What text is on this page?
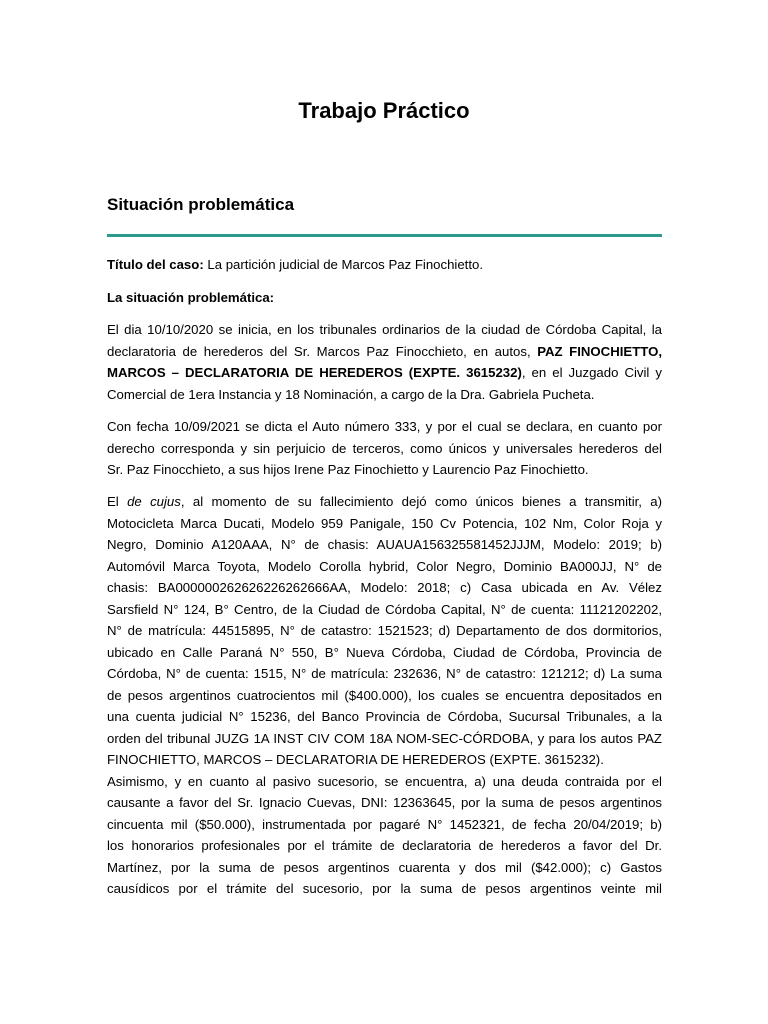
Trabajo Práctico
Situación problemática
Título del caso: La partición judicial de Marcos Paz Finochietto.
La situación problemática:
El dia 10/10/2020 se inicia, en los tribunales ordinarios de la ciudad de Córdoba Capital, la
declaratoria de herederos del Sr. Marcos Paz Finocchieto, en autos, PAZ FINOCHIETTO,
MARCOS – DECLARATORIA DE HEREDEROS (EXPTE. 3615232), en el Juzgado Civil y
Comercial de 1era Instancia y 18 Nominación, a cargo de la Dra. Gabriela Pucheta.
Con fecha 10/09/2021 se dicta el Auto número 333, y por el cual se declara, en cuanto por
derecho corresponda y sin perjuicio de terceros, como únicos y universales herederos del
Sr. Paz Finocchieto, a sus hijos Irene Paz Finochietto y Laurencio Paz Finochietto.
El de cujus, al momento de su fallecimiento dejó como únicos bienes a transmitir, a)
Motocicleta Marca Ducati, Modelo 959 Panigale, 150 Cv Potencia, 102 Nm, Color Roja y
Negro, Dominio A120AAA, N° de chasis: AUAUA156325581452JJJM, Modelo: 2019; b)
Automóvil Marca Toyota, Modelo Corolla hybrid, Color Negro, Dominio BA000JJ, N° de
chasis: BA000000262626226262666AA, Modelo: 2018; c) Casa ubicada en Av. Vélez
Sarsfield N° 124, B° Centro, de la Ciudad de Córdoba Capital, N° de cuenta: 11121202202,
N° de matrícula: 44515895, N° de catastro: 1521523; d) Departamento de dos dormitorios,
ubicado en Calle Paraná N° 550, B° Nueva Córdoba, Ciudad de Córdoba, Provincia de
Córdoba, N° de cuenta: 1515, N° de matrícula: 232636, N° de catastro: 121212; d) La suma
de pesos argentinos cuatrocientos mil ($400.000), los cuales se encuentra depositados en
una cuenta judicial N° 15236, del Banco Provincia de Córdoba, Sucursal Tribunales, a la
orden del tribunal JUZG 1A INST CIV COM 18A NOM-SEC-CÓRDOBA, y para los autos PAZ
FINOCHIETTO, MARCOS – DECLARATORIA DE HEREDEROS (EXPTE. 3615232).
Asimismo, y en cuanto al pasivo sucesorio, se encuentra, a) una deuda contraida por el
causante a favor del Sr. Ignacio Cuevas, DNI: 12363645, por la suma de pesos argentinos
cincuenta mil ($50.000), instrumentada por pagaré N° 1452321, de fecha 20/04/2019; b)
los honorarios profesionales por el trámite de declaratoria de herederos a favor del Dr.
Martínez, por la suma de pesos argentinos cuarenta y dos mil ($42.000); c) Gastos
causídicos por el trámite del sucesorio, por la suma de pesos argentinos veinte mil
